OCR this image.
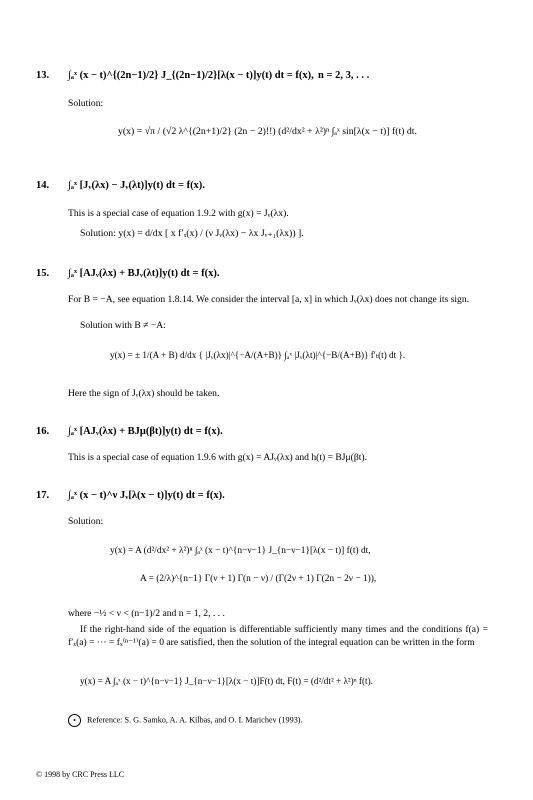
13. ∫ₐˣ (x − t)^{(2n−1)/2} J_{(2n−1)/2}[λ(x − t)]y(t) dt = f(x), n = 2, 3, . . .
Solution:
y(x) = √π / (√2 λ^{(2n+1)/2} (2n − 2)!!) (d²/dx² + λ²)ⁿ ∫ₐˣ sin[λ(x − t)] f(t) dt.
14. ∫ₐˣ [Jᵥ(λx) − Jᵥ(λt)]y(t) dt = f(x).
This is a special case of equation 1.9.2 with g(x) = Jᵥ(λx).
Solution: y(x) = d/dx [ x f′ₓ(x) / (ν Jᵥ(λx) − λx Jᵥ₊₁(λx)) ].
15. ∫ₐˣ [AJᵥ(λx) + BJᵥ(λt)]y(t) dt = f(x).
For B = −A, see equation 1.8.14. We consider the interval [a, x] in which Jᵥ(λx) does not change its sign.
Solution with B ≠ −A:
y(x) = ± 1/(A + B) d/dx { |Jᵥ(λx)|^{−A/(A+B)} ∫ₐˣ |Jᵥ(λt)|^{−B/(A+B)} f′ₜ(t) dt }.
Here the sign of Jᵥ(λx) should be taken.
16. ∫ₐˣ [AJᵥ(λx) + BJμ(βt)]y(t) dt = f(x).
This is a special case of equation 1.9.6 with g(x) = AJᵥ(λx) and h(t) = BJμ(βt).
17. ∫ₐˣ (x − t)^ν Jᵥ[λ(x − t)]y(t) dt = f(x).
Solution:
y(x) = A (d²/dx² + λ²)ⁿ ∫ₐˣ (x − t)^{n−ν−1} J_{n−ν−1}[λ(x − t)] f(t) dt,
A = (2/λ)^{n−1} Γ(ν + 1) Γ(n − ν) / (Γ(2ν + 1) Γ(2n − 2ν − 1)),
where −½ < ν < (n−1)/2 and n = 1, 2, . . .
If the right-hand side of the equation is differentiable sufficiently many times and the conditions f(a) = f′ₓ(a) = ··· = fₓ⁽ⁿ⁻¹⁾(a) = 0 are satisfied, then the solution of the integral equation can be written in the form
y(x) = A ∫ₐˣ (x − t)^{n−ν−1} J_{n−ν−1}[λ(x − t)]F(t) dt, F(t) = (d²/dt² + λ²)ⁿ f(t).
• Reference: S. G. Samko, A. A. Kilbas, and O. I. Marichev (1993).
© 1998 by CRC Press LLC
